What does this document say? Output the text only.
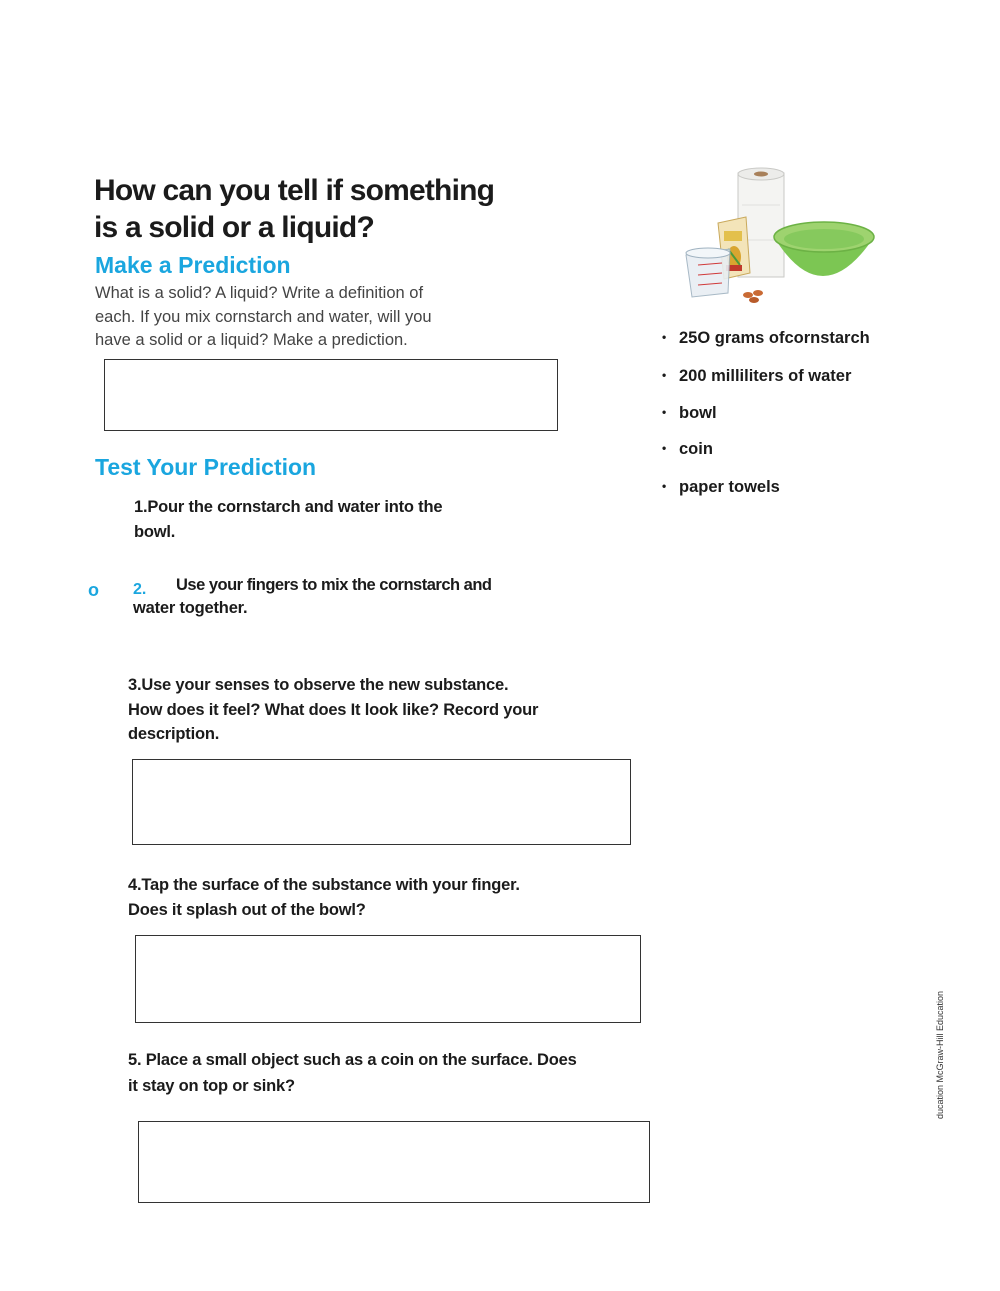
How can you tell if something
is a solid or a liquid?
Make a Prediction
What is a solid? A liquid? Write a definition of
each. If you mix cornstarch and water, will you
have a solid or a liquid? Make a prediction.
Test Your Prediction
1.Pour the cornstarch and water into the
bowl.
o 2. Use your fingers to mix the cornstarch and
water together.
3.Use your senses to observe the new substance.
How does it feel? What does It look like? Record your
description.
4.Tap the surface of the substance with your finger.
Does it splash out of the bowl?
5. Place a small object such as a coin on the surface. Does
it stay on top or sink?
• 25O grams ofcornstarch
• 200 milliliters of water
• bowl
• coin
• paper towels
ducation McGraw-Hill Education
